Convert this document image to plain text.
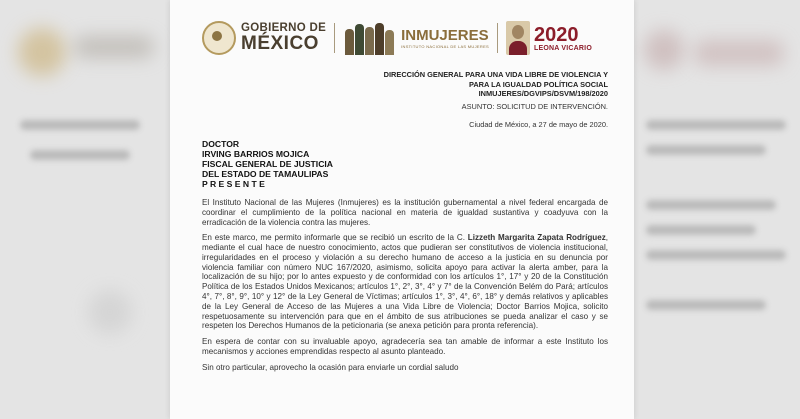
GOBIERNO DE
MÉXICO	INMUJERES
INSTITUTO NACIONAL DE LAS MUJERES
2020
LEONA VICARIO
DIRECCIÓN GENERAL PARA UNA VIDA LIBRE DE VIOLENCIA Y
PARA LA IGUALDAD POLÍTICA SOCIAL
INMUJERES/DGVIPS/DSVM/198/2020
ASUNTO: SOLICITUD DE INTERVENCIÓN.
Ciudad de México, a 27 de mayo de 2020.
DOCTOR
IRVING BARRIOS MOJICA
FISCAL GENERAL DE JUSTICIA
DEL ESTADO DE TAMAULIPAS
P R E S E N T E

El Instituto Nacional de las Mujeres (Inmujeres) es la institución gubernamental a nivel federal encargada de coordinar el cumplimiento de la política nacional en materia de igualdad sustantiva y coadyuva con la erradicación de la violencia contra las mujeres.

En este marco, me permito informarle que se recibió un escrito de la C. Lizzeth Margarita Zapata Rodríguez, mediante el cual hace de nuestro conocimiento, actos que pudieran ser constitutivos de violencia institucional, irregularidades en el proceso y violación a su derecho humano de acceso a la justicia en su denuncia por violencia familiar con número NUC 167/2020, asimismo, solicita apoyo para activar la alerta amber, para la localización de su hijo; por lo antes expuesto y de conformidad con los artículos 1°, 17° y 20 de la Constitución Política de los Estados Unidos Mexicanos; artículos 1°, 2°, 3°, 4° y 7° de la Convención Belém do Pará; artículos 4°, 7°, 8°, 9°, 10° y 12° de la Ley General de Víctimas; artículos 1°, 3°, 4°, 6°, 18° y demás relativos y aplicables de la Ley General de Acceso de las Mujeres a una Vida Libre de Violencia; Doctor Barrios Mojica, solicito respetuosamente su intervención para que en el ámbito de sus atribuciones se pueda analizar el caso y se respeten los Derechos Humanos de la peticionaria (se anexa petición para pronta referencia).

En espera de contar con su invaluable apoyo, agradecería sea tan amable de informar a este Instituto los mecanismos y acciones emprendidas respecto al asunto planteado.

Sin otro particular, aprovecho la ocasión para enviarle un cordial saludo
